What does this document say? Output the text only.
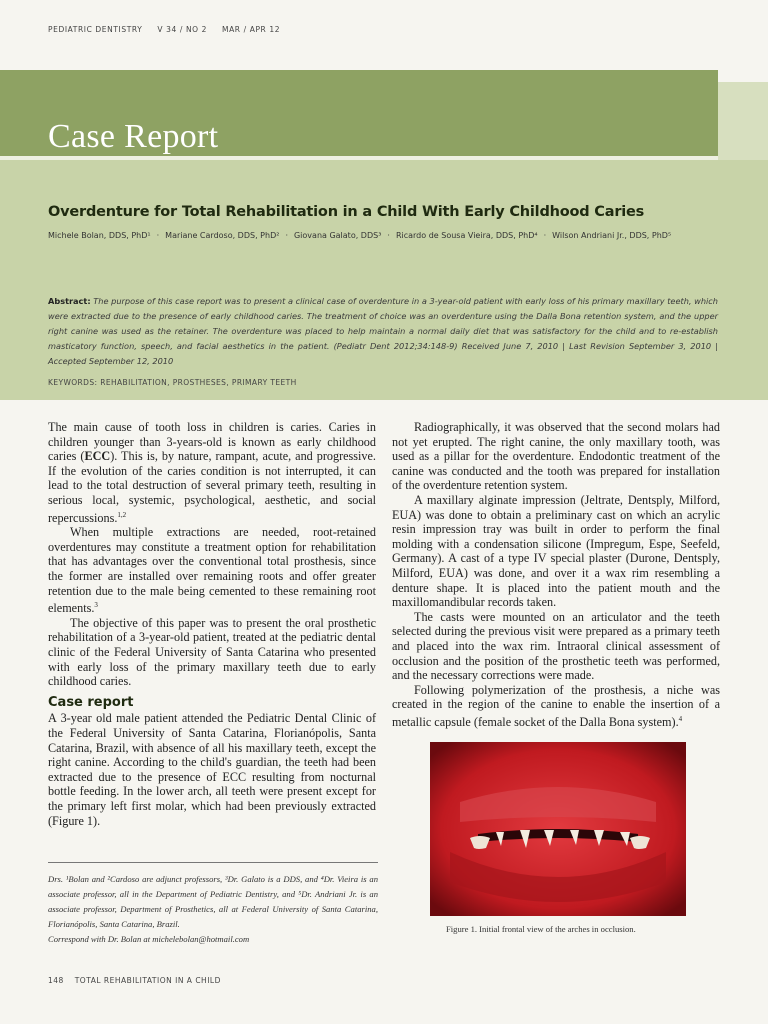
PEDIATRIC DENTISTRY V 34 / NO 2 MAR / APR 12
Case Report
Overdenture for Total Rehabilitation in a Child With Early Childhood Caries
Michele Bolan, DDS, PhD¹ · Mariane Cardoso, DDS, PhD² · Giovana Galato, DDS³ · Ricardo de Sousa Vieira, DDS, PhD⁴ · Wilson Andriani Jr., DDS, PhD⁵
Abstract: The purpose of this case report was to present a clinical case of overdenture in a 3-year-old patient with early loss of his primary maxillary teeth, which were extracted due to the presence of early childhood caries. The treatment of choice was an overdenture using the Dalla Bona retention system, and the upper right canine was used as the retainer. The overdenture was placed to help maintain a normal daily diet that was satisfactory for the child and to re-establish masticatory function, speech, and facial aesthetics in the patient. (Pediatr Dent 2012;34:148-9) Received June 7, 2010 | Last Revision September 3, 2010 | Accepted September 12, 2010
KEYWORDS: REHABILITATION, PROSTHESES, PRIMARY TEETH

The main cause of tooth loss in children is caries. Caries in children younger than 3-years-old is known as early childhood caries (ECC). This is, by nature, rampant, acute, and progressive. If the evolution of the caries condition is not interrupted, it can lead to the total destruction of several primary teeth, resulting in serious local, systemic, psychological, aesthetic, and social repercussions.$^{1,2}$

When multiple extractions are needed, root-retained overdentures may constitute a treatment option for rehabilitation that has advantages over the conventional total prosthesis, since the former are installed over remaining roots and offer greater retention due to the male being cemented to these remaining root elements.$^3$

The objective of this paper was to present the oral prosthetic rehabilitation of a 3-year-old patient, treated at the pediatric dental clinic of the Federal University of Santa Catarina who presented with early loss of the primary maxillary teeth due to early childhood caries.

Case report

A 3-year old male patient attended the Pediatric Dental Clinic of the Federal University of Santa Catarina, Florianópolis, Santa Catarina, Brazil, with absence of all his maxillary teeth, except the right canine. According to the child's guardian, the teeth had been extracted due to the presence of ECC resulting from nocturnal bottle feeding. In the lower arch, all teeth were present except for the primary left first molar, which had been previously extracted (Figure 1).

Radiographically, it was observed that the second molars had not yet erupted. The right canine, the only maxillary tooth, was used as a pillar for the overdenture. Endodontic treatment of the canine was conducted and the tooth was prepared for installation of the overdenture retention system.

A maxillary alginate impression (Jeltrate, Dentsply, Milford, EUA) was done to obtain a preliminary cast on which an acrylic resin impression tray was built in order to perform the final molding with a condensation silicone (Impregum, Espe, Seefeld, Germany). A cast of a type IV special plaster (Durone, Dentsply, Milford, EUA) was done, and over it a wax rim resembling a denture shape. It is placed into the patient mouth and the maxillomandibular records taken.

The casts were mounted on an articulator and the teeth selected during the previous visit were prepared as a primary teeth and placed into the wax rim. Intraoral clinical assessment of occlusion and the position of the prosthetic teeth was performed, and the necessary corrections were made.

Following polymerization of the prosthesis, a niche was created in the region of the canine to enable the insertion of a metallic capsule (female socket of the Dalla Bona system).$^4$

Drs. ¹Bolan and ²Cardoso are adjunct professors, ³Dr. Galato is a DDS, and ⁴Dr. Vieira is an associate professor, all in the Department of Pediatric Dentistry, and ⁵Dr. Andriani Jr. is an associate professor, Department of Prosthetics, all at Federal University of Santa Catarina, Florianópolis, Santa Catarina, Brazil.
Correspond with Dr. Bolan at michelebolan@hotmail.com
Figure 1. Initial frontal view of the arches in occlusion.
148 TOTAL REHABILITATION IN A CHILD
